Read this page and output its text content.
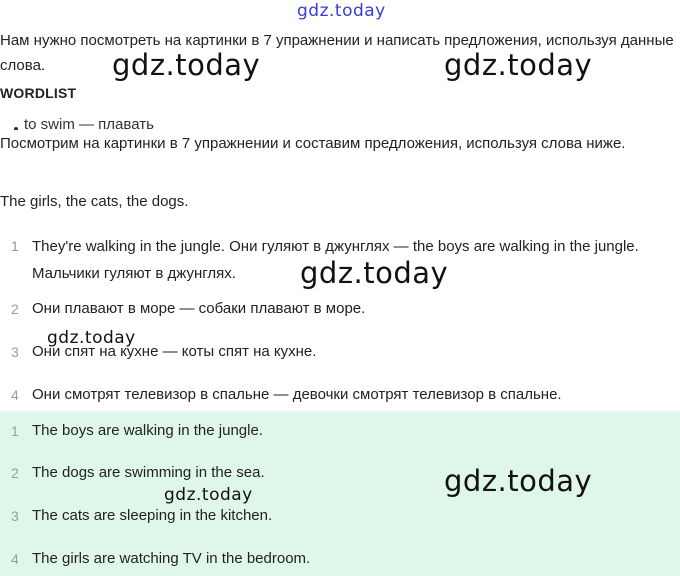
gdz.today

Нам нужно посмотреть на картинки в 7 упражнении и написать предложения, используя данные слова.

WORDLIST
to swim — плавать

Посмотрим на картинки в 7 упражнении и составим предложения, используя слова ниже.

The girls, the cats, the dogs.

1 They're walking in the jungle. Они гуляют в джунглях — the boys are walking in the jungle. Мальчики гуляют в джунглях.
2 Они плавают в море — собаки плавают в море.
3 Они спят на кухне — коты спят на кухне.
4 Они смотрят телевизор в спальне — девочки смотрят телевизор в спальне.
1 The boys are walking in the jungle.
2 The dogs are swimming in the sea.
3 The cats are sleeping in the kitchen.
4 The girls are watching TV in the bedroom.
gdz.today	gdz.today
gdz.today
gdz.today
gdz.today	gdz.today
